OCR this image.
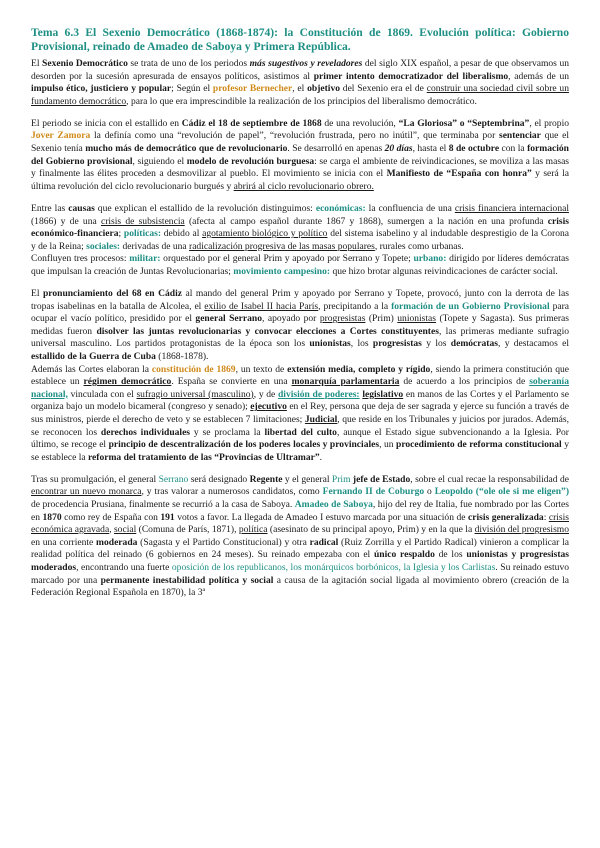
Tema 6.3 El Sexenio Democrático (1868-1874): la Constitución de 1869. Evolución política: Gobierno Provisional, reinado de Amadeo de Saboya y Primera República.

El Sexenio Democrático se trata de uno de los periodos más sugestivos y reveladores del siglo XIX español, a pesar de que observamos un desorden por la sucesión apresurada de ensayos políticos, asistimos al primer intento democratizador del liberalismo, además de un impulso ético, justiciero y popular; Según el profesor Bernecher, el objetivo del Sexenio era el de construir una sociedad civil sobre un fundamento democrático, para lo que era imprescindible la realización de los principios del liberalismo democrático.

El periodo se inicia con el estallido en Cádiz el 18 de septiembre de 1868 de una revolución, “La Gloriosa” o “Septembrina”, el propio Jover Zamora la definía como una “revolución de papel”, “revolución frustrada, pero no inútil”, que terminaba por sentenciar que el Sexenio tenía mucho más de democrático que de revolucionario. Se desarrolló en apenas 20 días, hasta el 8 de octubre con la formación del Gobierno provisional, siguiendo el modelo de revolución burguesa: se carga el ambiente de reivindicaciones, se moviliza a las masas y finalmente las élites proceden a desmovilizar al pueblo. El movimiento se inicia con el Manifiesto de “España con honra” y será la última revolución del ciclo revolucionario burgués y abrirá al ciclo revolucionario obrero.

Entre las causas que explican el estallido de la revolución distinguimos: económicas: la confluencia de una crisis financiera internacional (1866) y de una crisis de subsistencia (afecta al campo español durante 1867 y 1868), sumergen a la nación en una profunda crisis económico-financiera; políticas: debido al agotamiento biológico y político del sistema isabelino y al indudable desprestigio de la Corona y de la Reina; sociales: derivadas de una radicalización progresiva de las masas populares, rurales como urbanas.

Confluyen tres procesos: militar: orquestado por el general Prim y apoyado por Serrano y Topete; urbano: dirigido por líderes demócratas que impulsan la creación de Juntas Revolucionarias; movimiento campesino: que hizo brotar algunas reivindicaciones de carácter social.

El pronunciamiento del 68 en Cádiz al mando del general Prim y apoyado por Serrano y Topete, provocó, junto con la derrota de las tropas isabelinas en la batalla de Alcolea, el exilio de Isabel II hacia París, precipitando a la formación de un Gobierno Provisional para ocupar el vacío político, presidido por el general Serrano, apoyado por progresistas (Prim) unionistas (Topete y Sagasta). Sus primeras medidas fueron disolver las juntas revolucionarias y convocar elecciones a Cortes constituyentes, las primeras mediante sufragio universal masculino. Los partidos protagonistas de la época son los unionistas, los progresistas y los demócratas, y destacamos el estallido de la Guerra de Cuba (1868-1878).

Además las Cortes elaboran la constitución de 1869, un texto de extensión media, completo y rígido, siendo la primera constitución que establece un régimen democrático. España se convierte en una monarquía parlamentaria de acuerdo a los principios de soberanía nacional, vinculada con el sufragio universal (masculino), y de división de poderes: legislativo en manos de las Cortes y el Parlamento se organiza bajo un modelo bicameral (congreso y senado); ejecutivo en el Rey, persona que deja de ser sagrada y ejerce su función a través de sus ministros, pierde el derecho de veto y se establecen 7 limitaciones; Judicial, que reside en los Tribunales y juicios por jurados. Además, se reconocen los derechos individuales y se proclama la libertad del culto, aunque el Estado sigue subvencionando a la Iglesia. Por último, se recoge el principio de descentralización de los poderes locales y provinciales, un procedimiento de reforma constitucional y se establece la reforma del tratamiento de las “Provincias de Ultramar”.

Tras su promulgación, el general Serrano será designado Regente y el general Prim jefe de Estado, sobre el cual recae la responsabilidad de encontrar un nuevo monarca, y tras valorar a numerosos candidatos, como Fernando II de Coburgo o Leopoldo (“ole ole si me eligen”) de procedencia Prusiana, finalmente se recurrió a la casa de Saboya. Amadeo de Saboya, hijo del rey de Italia, fue nombrado por las Cortes en 1870 como rey de España con 191 votos a favor. La llegada de Amadeo I estuvo marcada por una situación de crisis generalizada: crisis económica agravada, social (Comuna de París, 1871), política (asesinato de su principal apoyo, Prim) y en la que la división del progresismo en una corriente moderada (Sagasta y el Partido Constitucional) y otra radical (Ruiz Zorrilla y el Partido Radical) vinieron a complicar la realidad política del reinado (6 gobiernos en 24 meses). Su reinado empezaba con el único respaldo de los unionistas y progresistas moderados, encontrando una fuerte oposición de los republicanos, los monárquicos borbónicos, la Iglesia y los Carlistas. Su reinado estuvo marcado por una permanente inestabilidad política y social a causa de la agitación social ligada al movimiento obrero (creación de la Federación Regional Española en 1870), la 3ª
